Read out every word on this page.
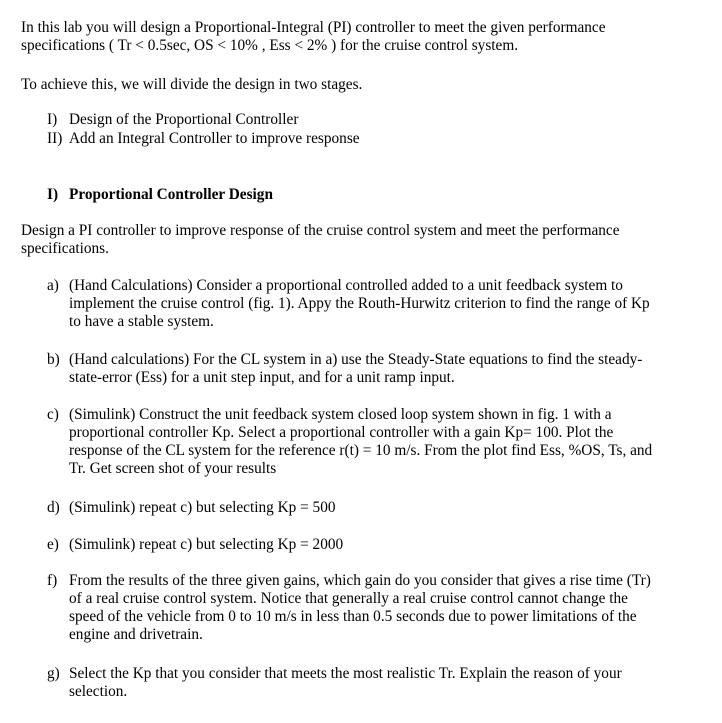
In this lab you will design a Proportional-Integral (PI) controller to meet the given performance
specifications ( Tr < 0.5sec, OS < 10% , Ess < 2% ) for the cruise control system.
To achieve this, we will divide the design in two stages.
I) Design of the Proportional Controller
II) Add an Integral Controller to improve response
I) Proportional Controller Design
Design a PI controller to improve response of the cruise control system and meet the performance
specifications.
a) (Hand Calculations) Consider a proportional controlled added to a unit feedback system to
implement the cruise control (fig. 1). Appy the Routh-Hurwitz criterion to find the range of Kp
to have a stable system.
b) (Hand calculations) For the CL system in a) use the Steady-State equations to find the steady-
state-error (Ess) for a unit step input, and for a unit ramp input.
c) (Simulink) Construct the unit feedback system closed loop system shown in fig. 1 with a
proportional controller Kp. Select a proportional controller with a gain Kp= 100. Plot the
response of the CL system for the reference r(t) = 10 m/s. From the plot find Ess, %OS, Ts, and
Tr. Get screen shot of your results
d) (Simulink) repeat c) but selecting Kp = 500
e) (Simulink) repeat c) but selecting Kp = 2000
f) From the results of the three given gains, which gain do you consider that gives a rise time (Tr)
of a real cruise control system. Notice that generally a real cruise control cannot change the
speed of the vehicle from 0 to 10 m/s in less than 0.5 seconds due to power limitations of the
engine and drivetrain.
g) Select the Kp that you consider that meets the most realistic Tr. Explain the reason of your
selection.
